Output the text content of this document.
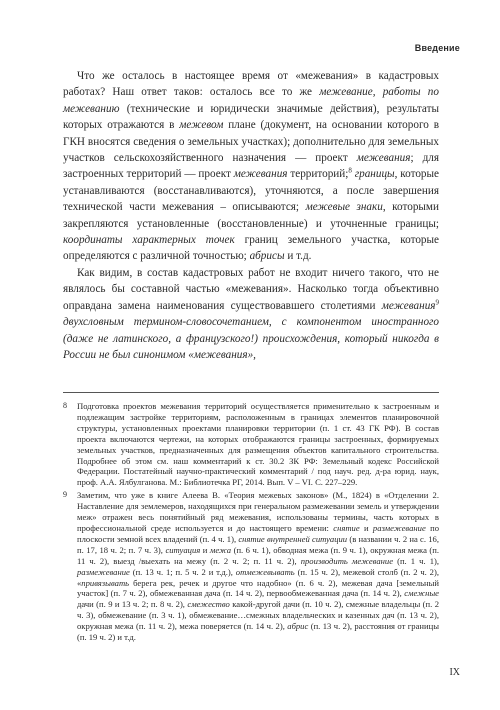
Введение

Что же осталось в настоящее время от «межевания» в кадастровых работах? Наш ответ таков: осталось все то же межевание, работы по межеванию (технические и юридически значимые действия), результаты которых отражаются в межевом плане (документ, на основании которого в ГКН вносятся сведения о земельных участках); дополнительно для земельных участков сельскохозяйственного назначения — проект межевания; для застроенных территорий — проект межевания территорий;$^8$ границы, которые устанавливаются (восстанавливаются), уточняются, а после завершения технической части межевания – описываются; межевые знаки, которыми закрепляются установленные (восстановленные) и уточненные границы; координаты характерных точек границ земельного участка, которые определяются с различной точностью; абрисы и т.д.

Как видим, в состав кадастровых работ не входит ничего такого, что не являлось бы составной частью «межевания». Насколько тогда объективно оправдана замена наименования существовавшего столетиями межевания$^9$ двухсловным термином-словосочетанием, с компонентом иностранного (даже не латинского, а французского!) происхождения, который никогда в России не был синонимом «межевания»,

8 Подготовка проектов межевания территорий осуществляется применительно к застроенным и подлежащим застройке территориям, расположенным в границах элементов планировочной структуры, установленных проектами планировки территории (п. 1 ст. 43 ГК РФ). В состав проекта включаются чертежи, на которых отображаются границы застроенных, формируемых земельных участков, предназначенных для размещения объектов капитального строительства. Подробнее об этом см. наш комментарий к ст. 30.2 ЗК РФ: Земельный кодекс Российской Федерации. Постатейный научно-практический комментарий / под науч. ред. д-ра юрид. наук, проф. А.А. Ялбулганова. М.: Библиотечка РГ, 2014. Вып. V – VI. С. 227–229.
9 Заметим, что уже в книге Алеева В. «Теория межевых законов» (М., 1824) в «Отделении 2. Наставление для землемеров, находящихся при генеральном размежевании земель и утверждении меж» отражен весь понятийный ряд межевания, использованы термины, часть которых в профессиональной среде используется и до настоящего времени: снятие и размежевание по плоскости земной всех владений (п. 4 ч. 1), снятие внутренней ситуации (в названии ч. 2 на с. 16, п. 17, 18 ч. 2; п. 7 ч. 3), ситуация и межа (п. 6 ч. 1), обводная межа (п. 9 ч. 1), окружная межа (п. 11 ч. 2), выезд /выехать на межу (п. 2 ч. 2; п. 11 ч. 2), производить межевание (п. 1 ч. 1), размежевание (п. 13 ч. 1; п. 5 ч. 2 и т.д.), отмежевывать (п. 15 ч. 2), межевой столб (п. 2 ч. 2), «привязывать берега рек, речек и другое что надобно» (п. 6 ч. 2), межевая дача [земельный участок] (п. 7 ч. 2), обмежеванная дача (п. 14 ч. 2), первообмежеванная дача (п. 14 ч. 2), смежные дачи (п. 9 и 13 ч. 2; п. 8 ч. 2), смежество какой-другой дачи (п. 10 ч. 2), смежные владельцы (п. 2 ч. 3), обмежевание (п. 3 ч. 1), обмежевание…смежных владельческих и казенных дач (п. 13 ч. 2), окружная межа (п. 11 ч. 2), межа поверяется (п. 14 ч. 2), абрис (п. 13 ч. 2), расстояния от границы (п. 19 ч. 2) и т.д.
IX
